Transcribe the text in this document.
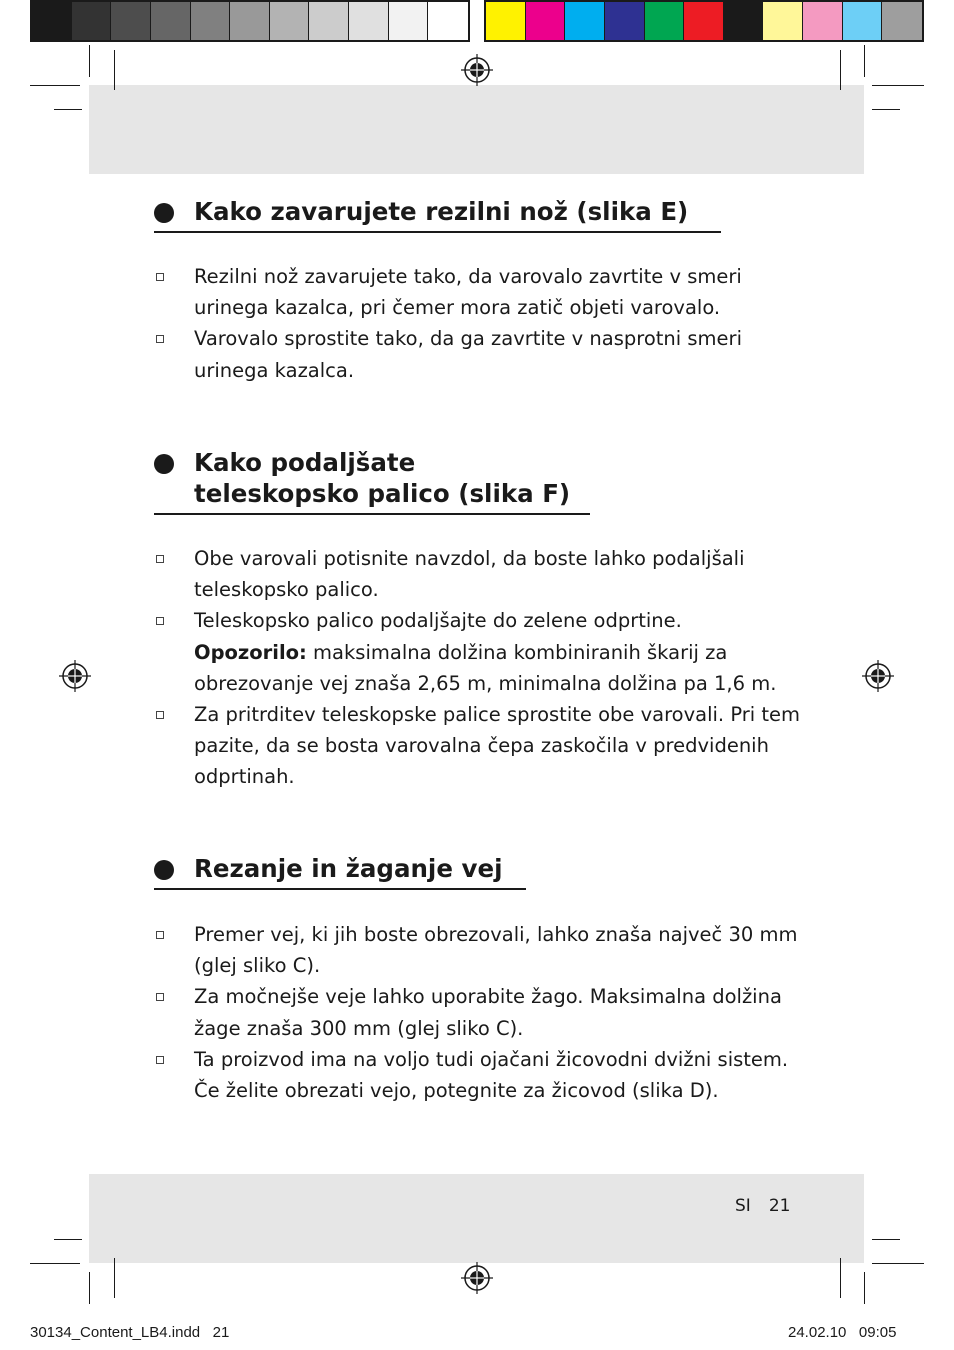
Kako zavarujete rezilni nož (slika E)
Rezilni nož zavarujete tako, da varovalo zavrtite v smeri urinega kazalca, pri čemer mora zatič objeti varovalo.
Varovalo sprostite tako, da ga zavrtite v nasprotni smeri urinega kazalca.
Kako podaljšate
teleskopsko palico (slika F)
Obe varovali potisnite navzdol, da boste lahko podaljšali teleskopsko palico.
Teleskopsko palico podaljšajte do zelene odprtine.
Opozorilo: maksimalna dolžina kombiniranih škarij za obrezovanje vej znaša 2,65 m, minimalna dolžina pa 1,6 m.
Za pritrditev teleskopske palice sprostite obe varovali. Pri tem pazite, da se bosta varovalna čepa zaskočila v predvidenih odprtinah.
Rezanje in žaganje vej
Premer vej, ki jih boste obrezovali, lahko znaša največ 30 mm (glej sliko C).
Za močnejše veje lahko uporabite žago. Maksimalna dolžina žage znaša 300 mm (glej sliko C).
Ta proizvod ima na voljo tudi ojačani žicovodni dvižni sistem. Če želite obrezati vejo, potegnite za žicovod (slika D).
SI 21
30134_Content_LB4.indd   21	24.02.10   09:05
